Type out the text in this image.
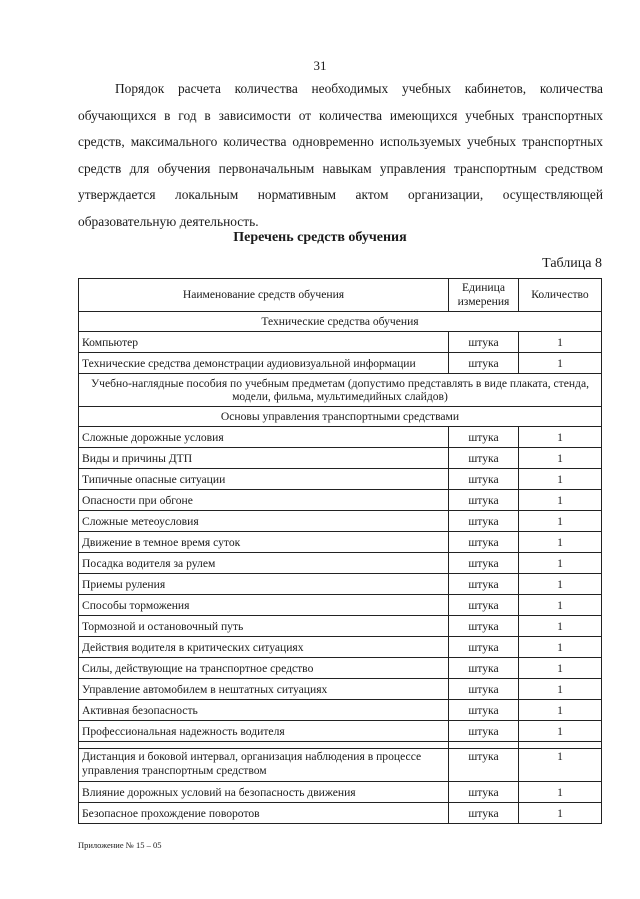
31

Порядок расчета количества необходимых учебных кабинетов, количества обучающихся в год в зависимости от количества имеющихся учебных транспортных средств, максимального количества одновременно используемых учебных транспортных средств для обучения первоначальным навыкам управления транспортным средством утверждается локальным нормативным актом организации, осуществляющей образовательную деятельность.

Перечень средств обучения
Таблица 8
Наименование средств обучения	Единица измерения	Количество
Технические средства обучения		
Компьютер	штука	1
Технические средства демонстрации аудиовизуальной информации	штука	1
Учебно-наглядные пособия по учебным предметам (допустимо представлять в виде плаката, стенда, модели, фильма, мультимедийных слайдов)		
Основы управления транспортными средствами		
Сложные дорожные условия	штука	1
Виды и причины ДТП	штука	1
Типичные опасные ситуации	штука	1
Опасности при обгоне	штука	1
Сложные метеоусловия	штука	1
Движение в темное время суток	штука	1
Посадка водителя за рулем	штука	1
Приемы руления	штука	1
Способы торможения	штука	1
Тормозной и остановочный путь	штука	1
Действия водителя в критических ситуациях	штука	1
Силы, действующие на транспортное средство	штука	1
Управление автомобилем в нештатных ситуациях	штука	1
Активная безопасность	штука	1
Профессиональная надежность водителя	штука	1

Дистанция и боковой интервал, организация наблюдения в процессе управления транспортным средством	штука	1
Влияние дорожных условий на безопасность движения	штука	1
Безопасное прохождение поворотов	штука	1
Приложение № 15 – 05
